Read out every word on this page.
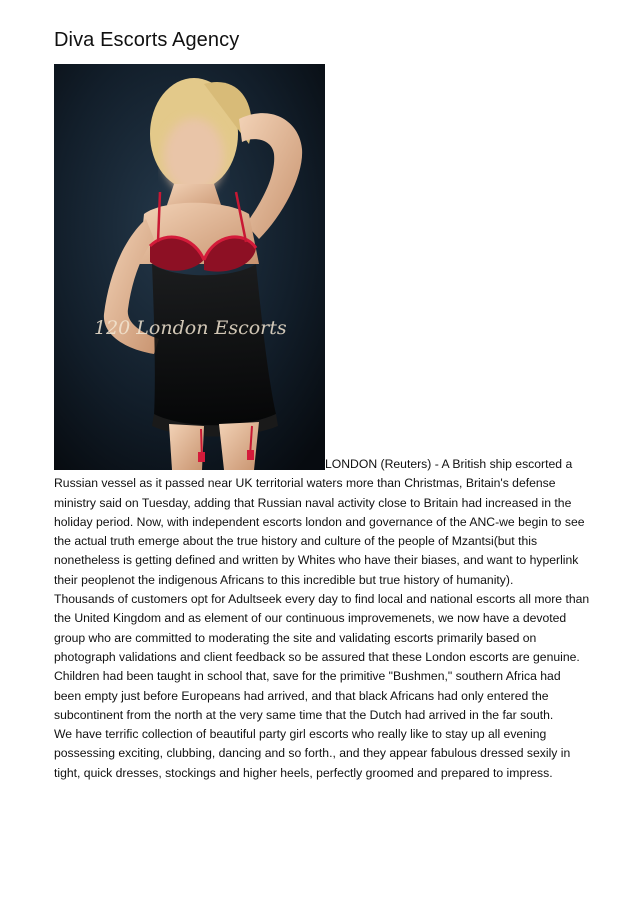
Diva Escorts Agency
120 London Escorts

LONDON (Reuters) - A British ship escorted a Russian vessel as it passed near UK territorial waters more than Christmas, Britain's defense ministry said on Tuesday, adding that Russian naval activity close to Britain had increased in the holiday period. Now, with independent escorts london and governance of the ANC-we begin to see the actual truth emerge about the true history and culture of the people of Mzantsi(but this nonetheless is getting defined and written by Whites who have their biases, and want to hyperlink their peoplenot the indigenous Africans to this incredible but true history of humanity).

Thousands of customers opt for Adultseek every day to find local and national escorts all more than the United Kingdom and as element of our continuous improvemenets, we now have a devoted group who are committed to moderating the site and validating escorts primarily based on photograph validations and client feedback so be assured that these London escorts are genuine.

Children had been taught in school that, save for the primitive "Bushmen," southern Africa had been empty just before Europeans had arrived, and that black Africans had only entered the subcontinent from the north at the very same time that the Dutch had arrived in the far south.

We have terrific collection of beautiful party girl escorts who really like to stay up all evening possessing exciting, clubbing, dancing and so forth., and they appear fabulous dressed sexily in tight, quick dresses, stockings and higher heels, perfectly groomed and prepared to impress.
